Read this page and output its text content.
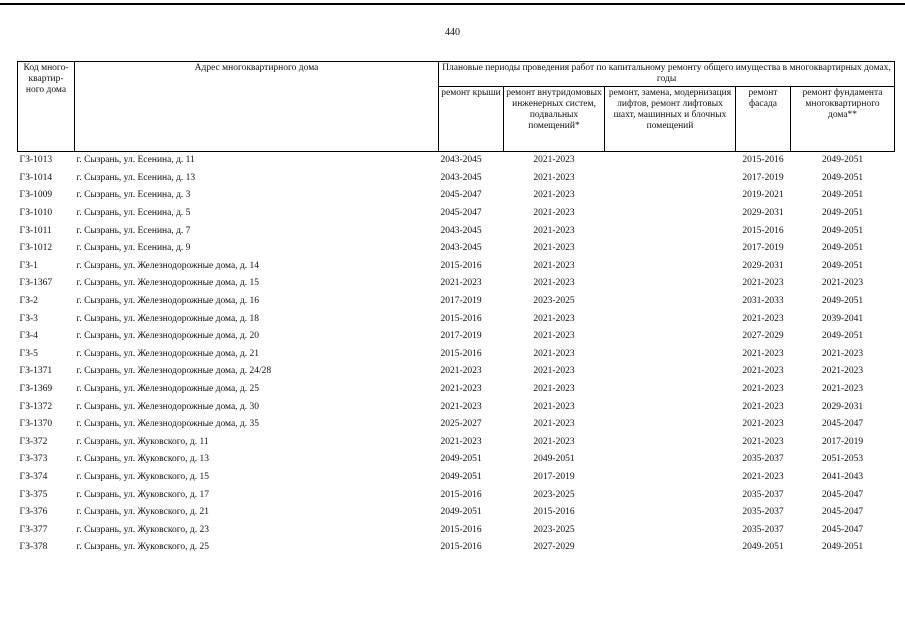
440
Код много-квартир-ного дома	Адрес многоквартирного дома	Плановые периоды проведения работ по капитальному ремонту общего имущества в многоквартирных домах, годы				
		ремонт крыши	ремонт внутридомовых инженерных систем, подвальных помещений*	ремонт, замена, модернизация лифтов, ремонт лифтовых шахт, машинных и блочных помещений	ремонт фасада	ремонт фундамента многоквартирного дома**
ГЗ-1013	г. Сызрань, ул. Есенина, д. 11	2043-2045	2021-2023		2015-2016	2049-2051
ГЗ-1014	г. Сызрань, ул. Есенина, д. 13	2043-2045	2021-2023		2017-2019	2049-2051
ГЗ-1009	г. Сызрань, ул. Есенина, д. 3	2045-2047	2021-2023		2019-2021	2049-2051
ГЗ-1010	г. Сызрань, ул. Есенина, д. 5	2045-2047	2021-2023		2029-2031	2049-2051
ГЗ-1011	г. Сызрань, ул. Есенина, д. 7	2043-2045	2021-2023		2015-2016	2049-2051
ГЗ-1012	г. Сызрань, ул. Есенина, д. 9	2043-2045	2021-2023		2017-2019	2049-2051
ГЗ-1	г. Сызрань, ул. Железнодорожные дома, д. 14	2015-2016	2021-2023		2029-2031	2049-2051
ГЗ-1367	г. Сызрань, ул. Железнодорожные дома, д. 15	2021-2023	2021-2023		2021-2023	2021-2023
ГЗ-2	г. Сызрань, ул. Железнодорожные дома, д. 16	2017-2019	2023-2025		2031-2033	2049-2051
ГЗ-3	г. Сызрань, ул. Железнодорожные дома, д. 18	2015-2016	2021-2023		2021-2023	2039-2041
ГЗ-4	г. Сызрань, ул. Железнодорожные дома, д. 20	2017-2019	2021-2023		2027-2029	2049-2051
ГЗ-5	г. Сызрань, ул. Железнодорожные дома, д. 21	2015-2016	2021-2023		2021-2023	2021-2023
ГЗ-1371	г. Сызрань, ул. Железнодорожные дома, д. 24/28	2021-2023	2021-2023		2021-2023	2021-2023
ГЗ-1369	г. Сызрань, ул. Железнодорожные дома, д. 25	2021-2023	2021-2023		2021-2023	2021-2023
ГЗ-1372	г. Сызрань, ул. Железнодорожные дома, д. 30	2021-2023	2021-2023		2021-2023	2029-2031
ГЗ-1370	г. Сызрань, ул. Железнодорожные дома, д. 35	2025-2027	2021-2023		2021-2023	2045-2047
ГЗ-372	г. Сызрань, ул. Жуковского, д. 11	2021-2023	2021-2023		2021-2023	2017-2019
ГЗ-373	г. Сызрань, ул. Жуковского, д. 13	2049-2051	2049-2051		2035-2037	2051-2053
ГЗ-374	г. Сызрань, ул. Жуковского, д. 15	2049-2051	2017-2019		2021-2023	2041-2043
ГЗ-375	г. Сызрань, ул. Жуковского, д. 17	2015-2016	2023-2025		2035-2037	2045-2047
ГЗ-376	г. Сызрань, ул. Жуковского, д. 21	2049-2051	2015-2016		2035-2037	2045-2047
ГЗ-377	г. Сызрань, ул. Жуковского, д. 23	2015-2016	2023-2025		2035-2037	2045-2047
ГЗ-378	г. Сызрань, ул. Жуковского, д. 25	2015-2016	2027-2029		2049-2051	2049-2051
